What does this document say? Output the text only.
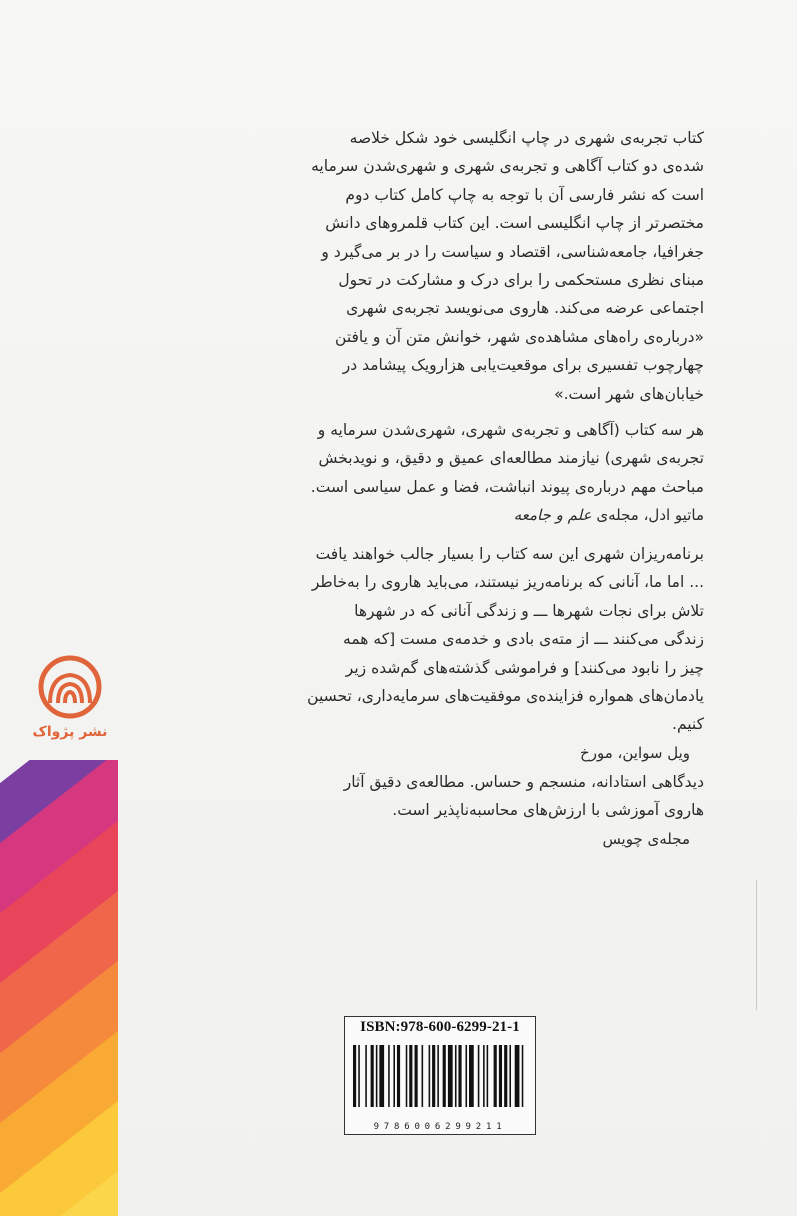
کتاب تجربه‌ی شهری در چاپ انگلیسی خود شکل خلاصه
شده‌ی دو کتاب آگاهی و تجربه‌ی شهری و شهری‌شدن سرمایه
است که نشر فارسی آن با توجه به چاپ کامل کتاب دوم
مختصرتر از چاپ انگلیسی است. این کتاب قلمروهای دانش
جغرافیا، جامعه‌شناسی، اقتصاد و سیاست را در بر می‌گیرد و
مبنای نظری مستحکمی را برای درک و مشارکت در تحول
اجتماعی عرضه می‌کند. هاروی می‌نویسد تجربه‌ی شهری
«درباره‌ی راه‌های مشاهده‌ی شهر، خوانش متن آن و یافتن
چهارچوب تفسیری برای موقعیت‌یابی هزار‌ویک پیشامد در
خیابان‌های شهر است.»

هر سه کتاب (آگاهی و تجربه‌ی شهری، شهری‌شدن سرمایه و
تجربه‌ی شهری) نیازمند مطالعه‌ای عمیق و دقیق، و نوید‌بخش
مباحث مهم درباره‌ی پیوند انباشت، فضا و عمل سیاسی است.

ماتیو ادل، مجله‌ی علم و جامعه

برنامه‌ریزان شهری این سه کتاب را بسیار جالب خواهند یافت
... اما ما، آنانی که برنامه‌ریز نیستند، می‌باید هاروی را به‌خاطر
تلاش برای نجات شهرها ـــ و زندگی آنانی که در شهرها
زندگی می‌کنند ـــ از مته‌ی بادی و خدمه‌ی مست [که همه
چیز را نابود می‌کنند] و فراموشی گذشته‌های گم‌شده زیر
یادمان‌های همواره فزاینده‌ی موفقیت‌های سرمایه‌داری، تحسین
کنیم.

ویل سواین، مورخ

دیدگاهی استادانه، منسجم و حساس. مطالعه‌ی دقیق آثار
هاروی آموزشی با ارزش‌های محاسبه‌ناپذیر است.

مجله‌ی چویس

نشر پژواک
ISBN:978-600-6299-21-1
9786006299211
